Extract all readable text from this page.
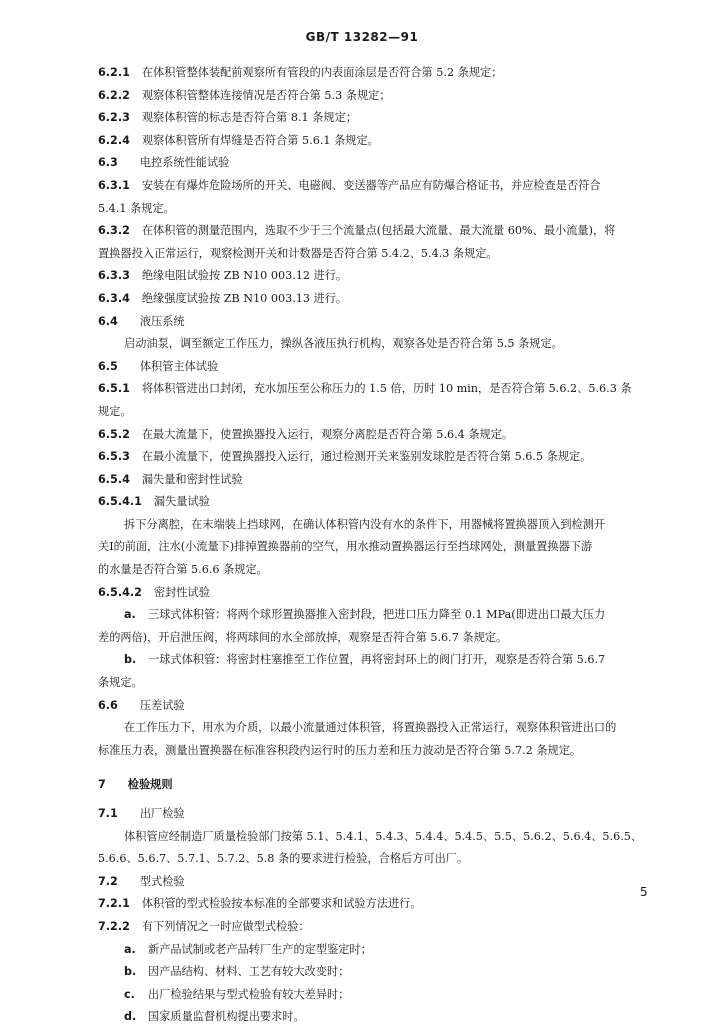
GB/T 13282—91
6.2.1 在体积管整体装配前观察所有管段的内表面涂层是否符合第 5.2 条规定；
6.2.2 观察体积管整体连接情况是否符合第 5.3 条规定；
6.2.3 观察体积管的标志是否符合第 8.1 条规定；
6.2.4 观察体积管所有焊缝是否符合第 5.6.1 条规定。
6.3 电控系统性能试验
6.3.1 安装在有爆炸危险场所的开关、电磁阀、变送器等产品应有防爆合格证书，并应检查是否符合
5.4.1 条规定。
6.3.2 在体积管的测量范围内，选取不少于三个流量点(包括最大流量、最大流量 60%、最小流量)，将
置换器投入正常运行，观察检测开关和计数器是否符合第 5.4.2、5.4.3 条规定。
6.3.3 绝缘电阻试验按 ZB N10 003.12 进行。
6.3.4 绝缘强度试验按 ZB N10 003.13 进行。
6.4 液压系统
启动油泵，调至额定工作压力，操纵各液压执行机构，观察各处是否符合第 5.5 条规定。
6.5 体积管主体试验
6.5.1 将体积管进出口封闭，充水加压至公称压力的 1.5 倍，历时 10 min，是否符合第 5.6.2、5.6.3 条
规定。
6.5.2 在最大流量下，使置换器投入运行，观察分离腔是否符合第 5.6.4 条规定。
6.5.3 在最小流量下，使置换器投入运行，通过检测开关来鉴别发球腔是否符合第 5.6.5 条规定。
6.5.4 漏失量和密封性试验
6.5.4.1 漏失量试验
拆下分离腔，在末端装上挡球网，在确认体积管内没有水的条件下，用器械将置换器顶入到检测开
关Ⅰ的前面，注水(小流量下)排掉置换器前的空气，用水推动置换器运行至挡球网处，测量置换器下游
的水量是否符合第 5.6.6 条规定。
6.5.4.2 密封性试验
a. 三球式体积管：将两个球形置换器推入密封段，把进口压力降至 0.1 MPa(即进出口最大压力
差的两倍)，开启泄压阀，将两球间的水全部放掉，观察是否符合第 5.6.7 条规定。
b. 一球式体积管：将密封柱塞推至工作位置，再将密封环上的阀门打开，观察是否符合第 5.6.7
条规定。
6.6 压差试验
在工作压力下，用水为介质，以最小流量通过体积管，将置换器投入正常运行，观察体积管进出口的
标准压力表，测量出置换器在标准容积段内运行时的压力差和压力波动是否符合第 5.7.2 条规定。
7 检验规则
7.1 出厂检验
体积管应经制造厂质量检验部门按第 5.1、5.4.1、5.4.3、5.4.4、5.4.5、5.5、5.6.2、5.6.4、5.6.5、
5.6.6、5.6.7、5.7.1、5.7.2、5.8 条的要求进行检验，合格后方可出厂。
7.2 型式检验
7.2.1 体积管的型式检验按本标准的全部要求和试验方法进行。
7.2.2 有下列情况之一时应做型式检验：
a. 新产品试制或老产品转厂生产的定型鉴定时；
b. 因产品结构、材料、工艺有较大改变时；
c. 出厂检验结果与型式检验有较大差异时；
d. 国家质量监督机构提出要求时。
5
